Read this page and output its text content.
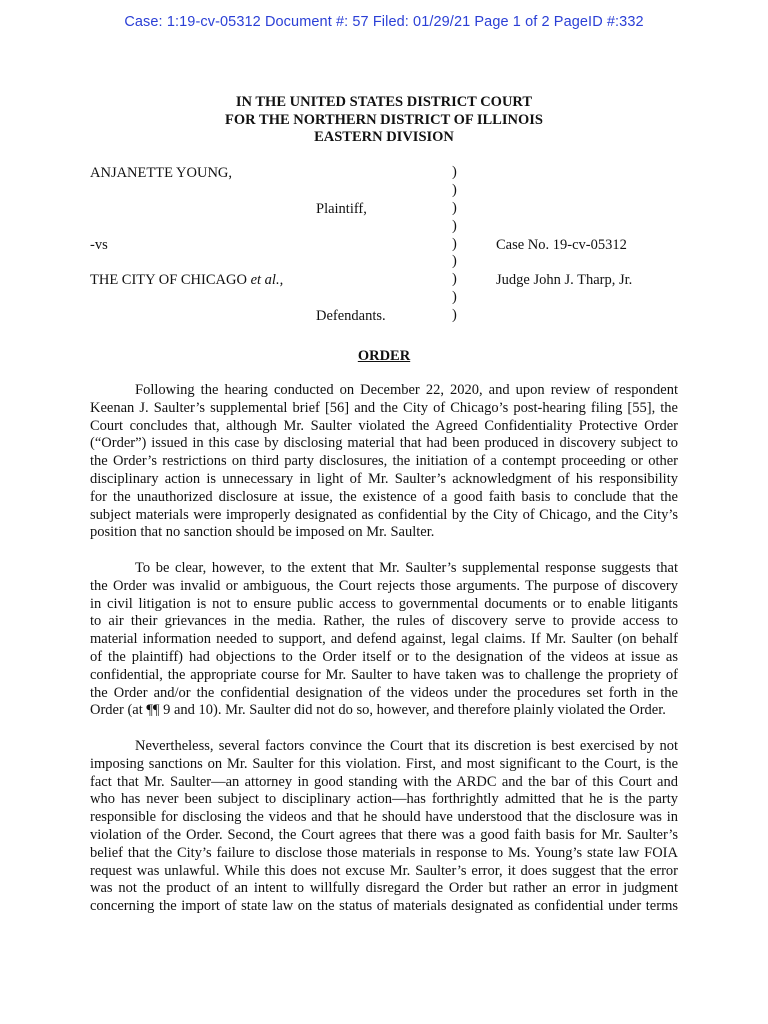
Case: 1:19-cv-05312 Document #: 57 Filed: 01/29/21 Page 1 of 2 PageID #:332
IN THE UNITED STATES DISTRICT COURT
FOR THE NORTHERN DISTRICT OF ILLINOIS
EASTERN DIVISION
ANJANETTE YOUNG,
Plaintiff,
-vs
THE CITY OF CHICAGO et al.,
Defendants.
)
)
)
)
)
)
)
)
)
Case No. 19-cv-05312
Judge John J. Tharp, Jr.
ORDER
Following the hearing conducted on December 22, 2020, and upon review of respondent
Keenan J. Saulter’s supplemental brief [56] and the City of Chicago’s post-hearing filing [55], the
Court concludes that, although Mr. Saulter violated the Agreed Confidentiality Protective Order
(“Order”) issued in this case by disclosing material that had been produced in discovery subject to
the Order’s restrictions on third party disclosures, the initiation of a contempt proceeding or other
disciplinary action is unnecessary in light of Mr. Saulter’s acknowledgment of his responsibility
for the unauthorized disclosure at issue, the existence of a good faith basis to conclude that the
subject materials were improperly designated as confidential by the City of Chicago, and the City’s
position that no sanction should be imposed on Mr. Saulter.
To be clear, however, to the extent that Mr. Saulter’s supplemental response suggests that
the Order was invalid or ambiguous, the Court rejects those arguments. The purpose of discovery
in civil litigation is not to ensure public access to governmental documents or to enable litigants
to air their grievances in the media. Rather, the rules of discovery serve to provide access to
material information needed to support, and defend against, legal claims. If Mr. Saulter (on behalf
of the plaintiff) had objections to the Order itself or to the designation of the videos at issue as
confidential, the appropriate course for Mr. Saulter to have taken was to challenge the propriety of
the Order and/or the confidential designation of the videos under the procedures set forth in the
Order (at ¶¶ 9 and 10). Mr. Saulter did not do so, however, and therefore plainly violated the Order.
Nevertheless, several factors convince the Court that its discretion is best exercised by not
imposing sanctions on Mr. Saulter for this violation. First, and most significant to the Court, is the
fact that Mr. Saulter—an attorney in good standing with the ARDC and the bar of this Court and
who has never been subject to disciplinary action—has forthrightly admitted that he is the party
responsible for disclosing the videos and that he should have understood that the disclosure was in
violation of the Order. Second, the Court agrees that there was a good faith basis for Mr. Saulter’s
belief that the City’s failure to disclose those materials in response to Ms. Young’s state law FOIA
request was unlawful. While this does not excuse Mr. Saulter’s error, it does suggest that the error
was not the product of an intent to willfully disregard the Order but rather an error in judgment
concerning the import of state law on the status of materials designated as confidential under terms
